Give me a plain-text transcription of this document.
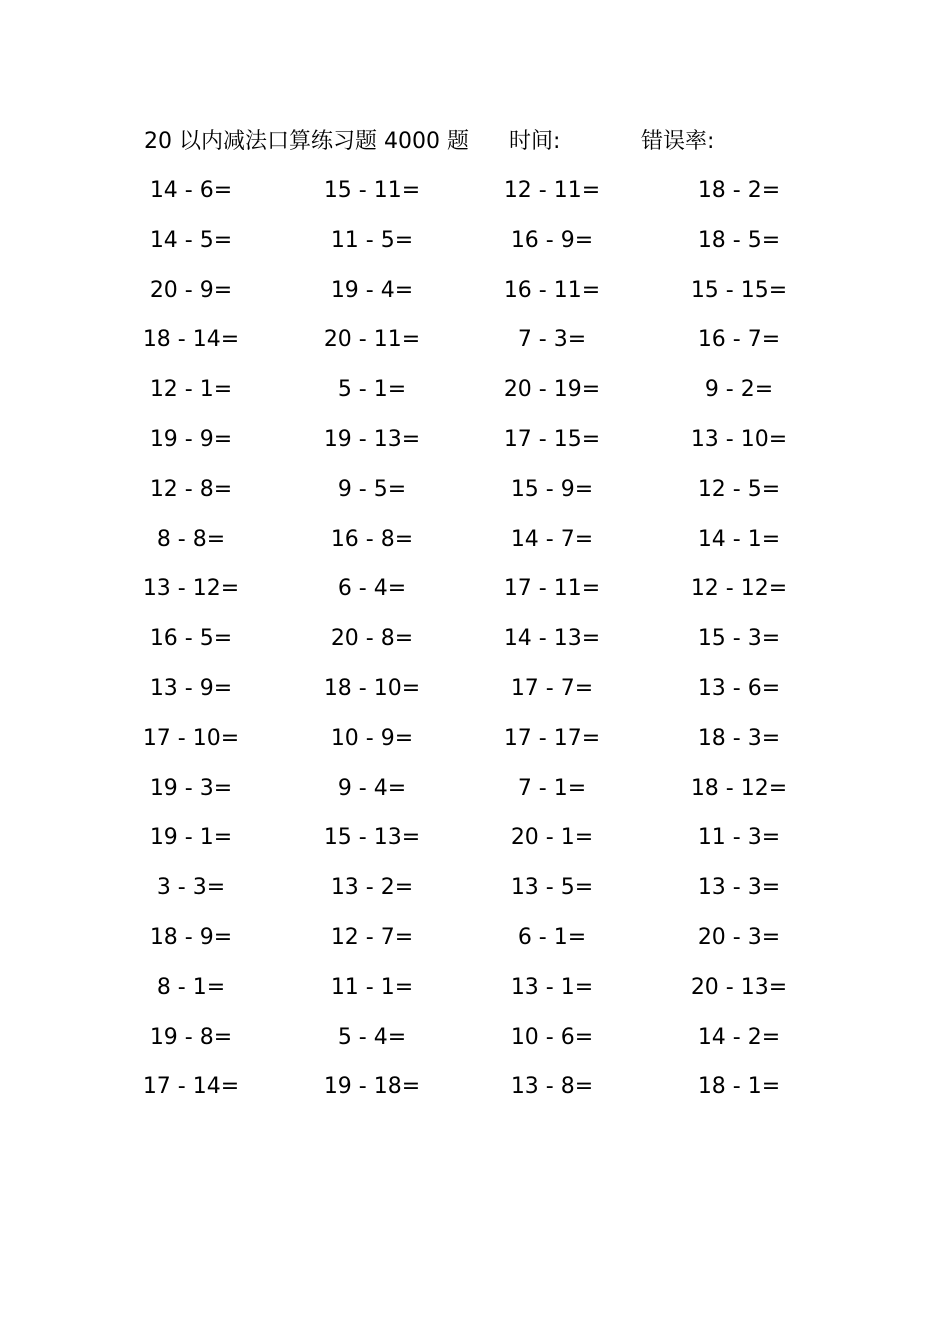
20 以内减法口算练习题 4000 题 时间:	错误率:
14 - 6=	15 - 11=	12 - 11=	18 - 2=
14 - 5=	11 - 5=	16 - 9=	18 - 5=
20 - 9=	19 - 4=	16 - 11=	15 - 15=
18 - 14=	20 - 11=	7 - 3=	16 - 7=
12 - 1=	5 - 1=	20 - 19=	9 - 2=
19 - 9=	19 - 13=	17 - 15=	13 - 10=
12 - 8=	9 - 5=	15 - 9=	12 - 5=
8 - 8=	16 - 8=	14 - 7=	14 - 1=
13 - 12=	6 - 4=	17 - 11=	12 - 12=
16 - 5=	20 - 8=	14 - 13=	15 - 3=
13 - 9=	18 - 10=	17 - 7=	13 - 6=
17 - 10=	10 - 9=	17 - 17=	18 - 3=
19 - 3=	9 - 4=	7 - 1=	18 - 12=
19 - 1=	15 - 13=	20 - 1=	11 - 3=
3 - 3=	13 - 2=	13 - 5=	13 - 3=
18 - 9=	12 - 7=	6 - 1=	20 - 3=
8 - 1=	11 - 1=	13 - 1=	20 - 13=
19 - 8=	5 - 4=	10 - 6=	14 - 2=
17 - 14=	19 - 18=	13 - 8=	18 - 1=
